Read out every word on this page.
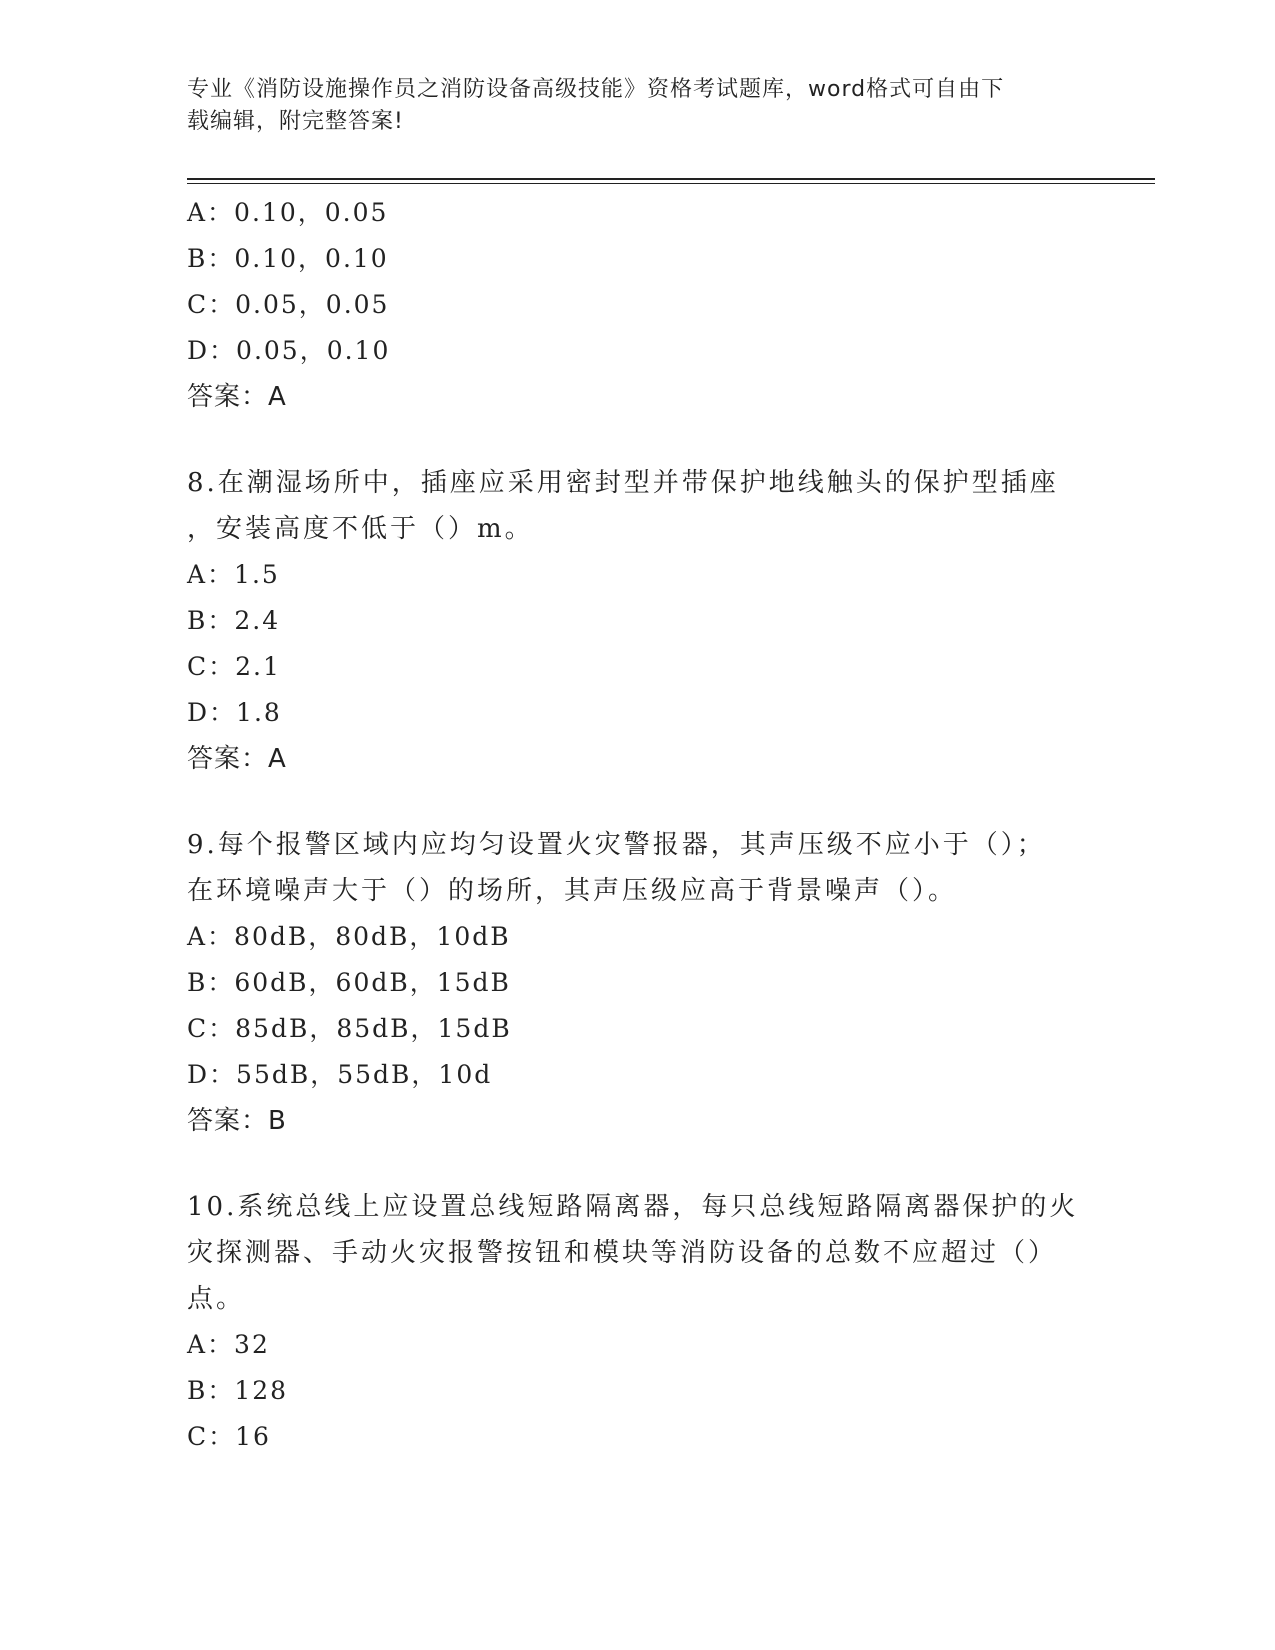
专业《消防设施操作员之消防设备高级技能》资格考试题库，word格式可自由下
载编辑，附完整答案!
A：0.10，0.05
B：0.10，0.10
C：0.05，0.05
D：0.05，0.10
答案：A
8.在潮湿场所中，插座应采用密封型并带保护地线触头的保护型插座
，安装高度不低于（）m。
A：1.5
B：2.4
C：2.1
D：1.8
答案：A
9.每个报警区域内应均匀设置火灾警报器，其声压级不应小于（）；
在环境噪声大于（）的场所，其声压级应高于背景噪声（）。
A：80dB，80dB，10dB
B：60dB，60dB，15dB
C：85dB，85dB，15dB
D：55dB，55dB，10d
答案：B
10.系统总线上应设置总线短路隔离器，每只总线短路隔离器保护的火
灾探测器、手动火灾报警按钮和模块等消防设备的总数不应超过（）
点。
A：32
B：128
C：16
